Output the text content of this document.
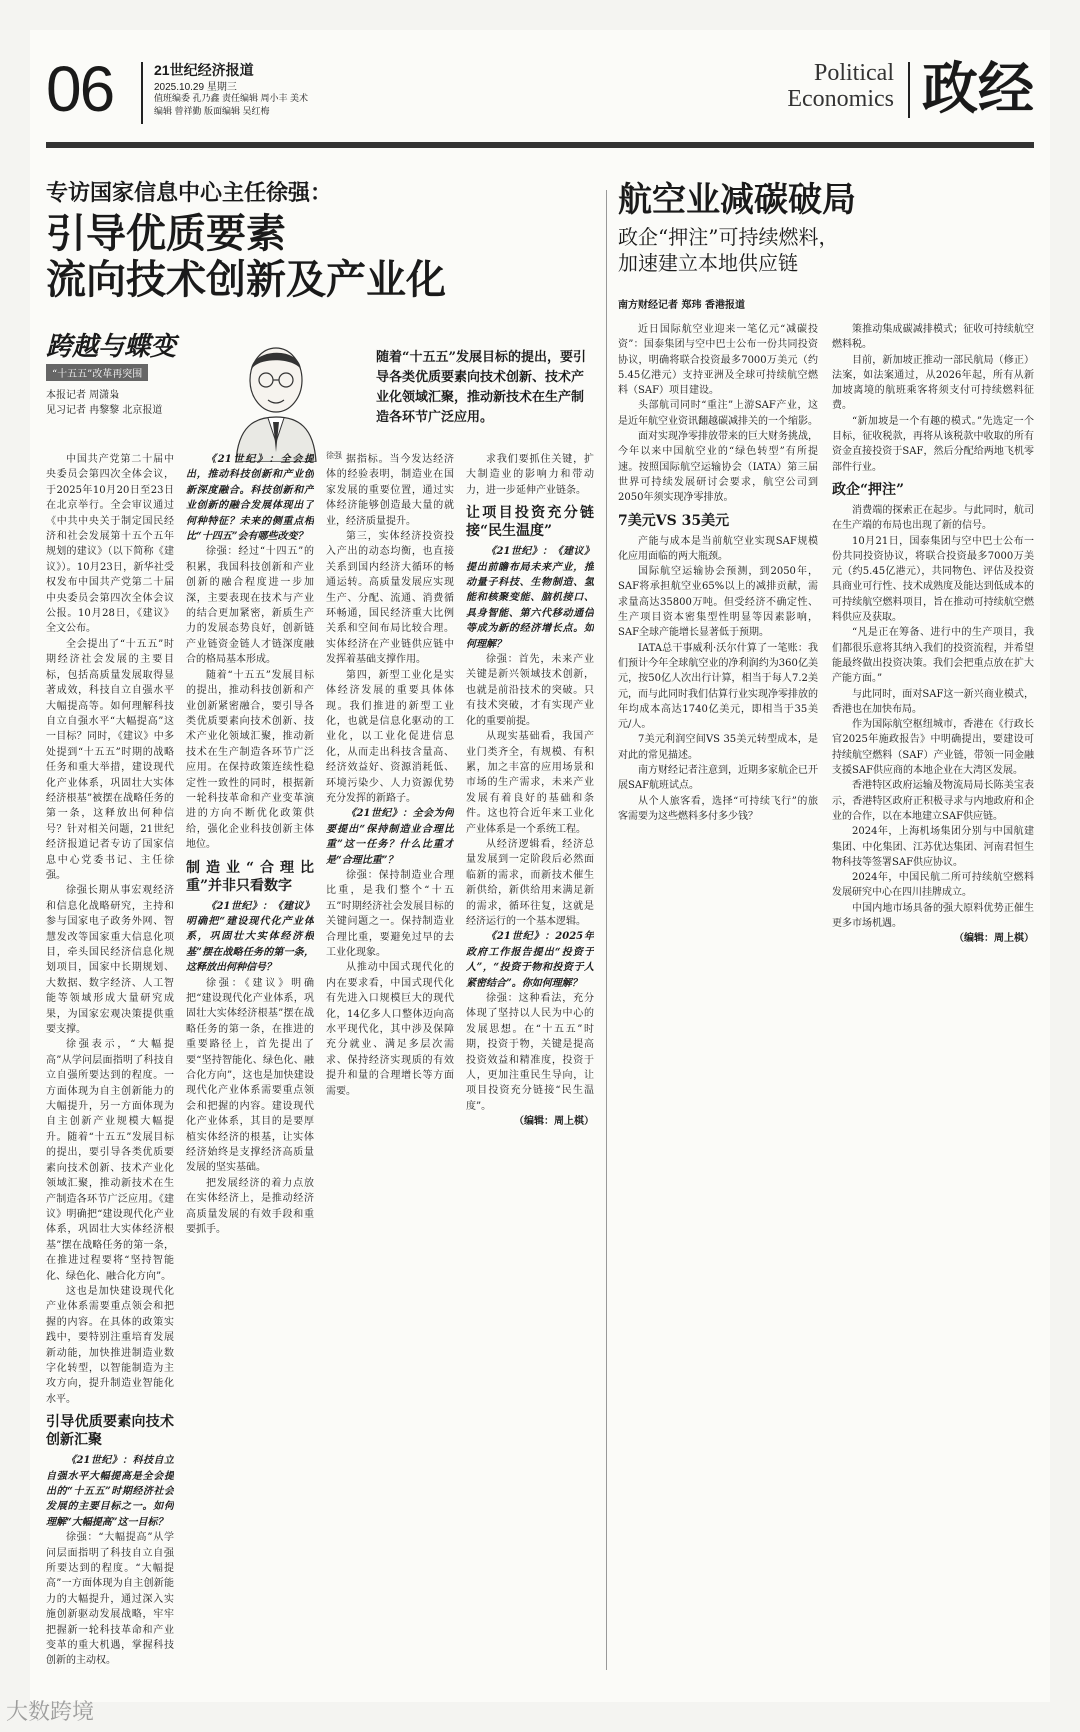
06	21世纪经济报道
2025.10.29 星期三
值班编委 孔乃鑫 责任编辑 周小丰 美术编辑 曾祥勤 版面编辑 吴红梅
Political
Economics 政经
专访国家信息中心主任徐强：
引导优质要素
流向技术创新及产业化
跨越与蝶变
“十五五”改革再突围
本报记者 周潇枭
见习记者 冉黎黎 北京报道
徐强
随着“十五五”发展目标的提出，要引导各类优质要素向技术创新、技术产业化领域汇聚，推动新技术在生产制造各环节广泛应用。

中国共产党第二十届中央委员会第四次全体会议，于2025年10月20日至23日在北京举行。全会审议通过《中共中央关于制定国民经济和社会发展第十五个五年规划的建议》（以下简称《建议》）。10月23日，新华社受权发布中国共产党第二十届中央委员会第四次全体会议公报。10月28日，《建议》全文公布。

全会提出了“十五五”时期经济社会发展的主要目标，包括高质量发展取得显著成效，科技自立自强水平大幅提高等。如何理解科技自立自强水平“大幅提高”这一目标？同时，《建议》中多处提到“十五五”时期的战略任务和重大举措，建设现代化产业体系，巩固壮大实体经济根基”被摆在战略任务的第一条，这释放出何种信号？针对相关问题，21世纪经济报道记者专访了国家信息中心党委书记、主任徐强。

徐强长期从事宏观经济和信息化战略研究，主持和参与国家电子政务外网、智慧发改等国家重大信息化项目，牵头国民经济信息化规划项目，国家中长期规划、大数据、数字经济、人工智能等领域形成大量研究成果，为国家宏观决策提供重要支撑。

徐强表示，“大幅提高”从学问层面指明了科技自立自强所要达到的程度。一方面体现为自主创新能力的大幅提升，另一方面体现为自主创新产业规模大幅提升。随着“十五五”发展目标的提出，要引导各类优质要素向技术创新、技术产业化领域汇聚，推动新技术在生产制造各环节广泛应用。《建议》明确把“建设现代化产业体系，巩固壮大实体经济根基”摆在战略任务的第一条，在推进过程要将“坚持智能化、绿色化、融合化方向”。

这也是加快建设现代化产业体系需要重点领会和把握的内容。在具体的政策实践中，要特别注重培育发展新动能，加快推进制造业数字化转型，以智能制造为主攻方向，提升制造业智能化水平。

引导优质要素向技术创新汇聚

《21世纪》：科技自立自强水平大幅提高是全会提出的“十五五”时期经济社会发展的主要目标之一。如何理解“大幅提高”这一目标？

徐强：“大幅提高”从学问层面指明了科技自立自强所要达到的程度。“大幅提高”一方面体现为自主创新能力的大幅提升，通过深入实施创新驱动发展战略，牢牢把握新一轮科技革命和产业变革的重大机遇，掌握科技创新的主动权。

《21世纪》：全会提出，推动科技创新和产业创新深度融合。科技创新和产业创新的融合发展体现出了何种特征？未来的侧重点相比“十四五”会有哪些改变？

徐强：经过“十四五”的积累，我国科技创新和产业创新的融合程度进一步加深，主要表现在技术与产业的结合更加紧密，新质生产力的发展态势良好，创新链产业链资金链人才链深度融合的格局基本形成。

随着“十五五”发展目标的提出，推动科技创新和产业创新紧密融合，要引导各类优质要素向技术创新、技术产业化领域汇聚，推动新技术在生产制造各环节广泛应用。在保持政策连续性稳定性一致性的同时，根据新一轮科技革命和产业变革演进的方向不断优化政策供给，强化企业科技创新主体地位。

制造业“合理比重”并非只看数字

《21世纪》：《建议》明确把“建设现代化产业体系，巩固壮大实体经济根基”摆在战略任务的第一条，这释放出何种信号？

徐强：《建议》明确把“建设现代化产业体系，巩固壮大实体经济根基”摆在战略任务的第一条，在推进的重要路径上，首先提出了要“坚持智能化、绿色化、融合化方向”，这也是加快建设现代化产业体系需要重点领会和把握的内容。建设现代化产业体系，其目的是要厚植实体经济的根基，让实体经济始终是支撑经济高质量发展的坚实基础。

把发展经济的着力点放在实体经济上，是推动经济高质量发展的有效手段和重要抓手。

据指标。当今发达经济体的经验表明，制造业在国家发展的重要位置，通过实体经济能够创造最大量的就业，经济质量提升。

第三，实体经济投资投入产出的动态均衡，也直接关系到国内经济大循环的畅通运转。高质量发展应实现生产、分配、流通、消费循环畅通，国民经济重大比例关系和空间布局比较合理。实体经济在产业链供应链中发挥着基础支撑作用。

第四，新型工业化是实体经济发展的重要具体体现。我们推进的新型工业化，也就是信息化驱动的工业化，以工业化促进信息化，从而走出科技含量高、经济效益好、资源消耗低、环境污染少、人力资源优势充分发挥的新路子。

《21世纪》：全会为何要提出“保持制造业合理比重”这一任务？什么比重才是“合理比重”？

徐强：保持制造业合理比重，是我们整个“十五五”时期经济社会发展目标的关键问题之一。保持制造业合理比重，要避免过早的去工业化现象。

从推动中国式现代化的内在要求看，中国式现代化有先进入口规模巨大的现代化，14亿多人口整体迈向高水平现代化，其中涉及保障充分就业、满足多层次需求、保持经济实现质的有效提升和量的合理增长等方面需要。

求我们要抓住关键，扩大制造业的影响力和带动力，进一步延伸产业链条。

让项目投资充分链接“民生温度”

《21世纪》：《建议》提出前瞻布局未来产业，推动量子科技、生物制造、氢能和核聚变能、脑机接口、具身智能、第六代移动通信等成为新的经济增长点。如何理解？

徐强：首先，未来产业关键是新兴领域技术创新，也就是前沿技术的突破。只有技术突破，才有实现产业化的重要前提。

从现实基础看，我国产业门类齐全，有规模、有积累，加之丰富的应用场景和市场的生产需求，未来产业发展有着良好的基础和条件。这也符合近年来工业化产业体系是一个系统工程。

从经济逻辑看，经济总量发展到一定阶段后必然面临新的需求，而新技术催生新供给，新供给用来满足新的需求，循环往复，这就是经济运行的一个基本逻辑。

《21世纪》：2025年政府工作报告提出“投资于人”，“投资于物和投资于人紧密结合”。你如何理解？

徐强：这种看法，充分体现了坚持以人民为中心的发展思想。在“十五五”时期，投资于物，关键是提高投资效益和精准度，投资于人，更加注重民生导向，让项目投资充分链接“民生温度”。

（编辑：周上棋）

航空业减碳破局
政企“押注”可持续燃料，
加速建立本地供应链
南方财经记者 郑玮 香港报道

近日国际航空业迎来一笔亿元“减碳投资”：国泰集团与空中巴士公布一份共同投资协议，明确将联合投资最多7000万美元（约5.45亿港元）支持亚洲及全球可持续航空燃料（SAF）项目建设。

头部航司同时“重注”上游SAF产业，这是近年航空业资讯翻越碳减排关的一个缩影。

面对实现净零排放带来的巨大财务挑战，今年以来中国航空业的“绿色转型”有所提速。按照国际航空运输协会（IATA）第三届世界可持续发展研讨会要求，航空公司到2050年须实现净零排放。

7美元VS 35美元

产能与成本是当前航空业实现SAF规模化应用面临的两大瓶颈。

国际航空运输协会预测，到2050年，SAF将承担航空业65%以上的减排贡献，需求量高达35800万吨。但受经济不确定性、生产项目资本密集型性明显等因素影响，SAF全球产能增长显著低于预期。

IATA总干事威利·沃尔什算了一笔账：我们预计今年全球航空业的净利润约为360亿美元，按50亿人次出行计算，相当于每人7.2美元，而与此同时我们估算行业实现净零排放的年均成本高达1740亿美元，即相当于35美元/人。

7美元利润空间VS 35美元转型成本，是对此的常见描述。

南方财经记者注意到，近期多家航企已开展SAF航班试点。

从个人旅客看，选择“可持续飞行”的旅客需要为这些燃料多付多少钱？

策推动集成碳减排模式；征收可持续航空燃料税。

目前，新加坡正推动一部民航局（修正）法案，如法案通过，从2026年起，所有从新加坡离境的航班乘客将须支付可持续燃料征费。

“新加坡是一个有趣的模式。”先选定一个目标，征收税款，再将从该税款中收取的所有资金直接投资于SAF，然后分配给两地飞机零部件行业。

政企“押注”

消费端的探索正在起步。与此同时，航司在生产端的布局也出现了新的信号。

10月21日，国泰集团与空中巴士公布一份共同投资协议，将联合投资最多7000万美元（约5.45亿港元），共同物色、评估及投资具商业可行性、技术成熟度及能达到低成本的可持续航空燃料项目，旨在推动可持续航空燃料供应及获取。

“凡是正在筹备、进行中的生产项目，我们都很乐意将其纳入我们的投资流程，并希望能最终做出投资决策。我们会把重点放在扩大产能方面。”

与此同时，面对SAF这一新兴商业模式，香港也在加快布局。

作为国际航空枢纽城市，香港在《行政长官2025年施政报告》中明确提出，要建设可持续航空燃料（SAF）产业链，带领一同金融支援SAF供应商的本地企业在大湾区发展。

香港特区政府运输及物流局局长陈美宝表示，香港特区政府正积极寻求与内地政府和企业的合作，以在本地建立SAF供应链。

2024年，上海机场集团分别与中国航建集团、中化集团、江苏优达集团、河南君恒生物科技等签署SAF供应协议。

2024年，中国民航二所可持续航空燃料发展研究中心在四川挂牌成立。

中国内地市场具备的强大原料优势正催生更多市场机遇。

（编辑：周上棋）

大数跨境
